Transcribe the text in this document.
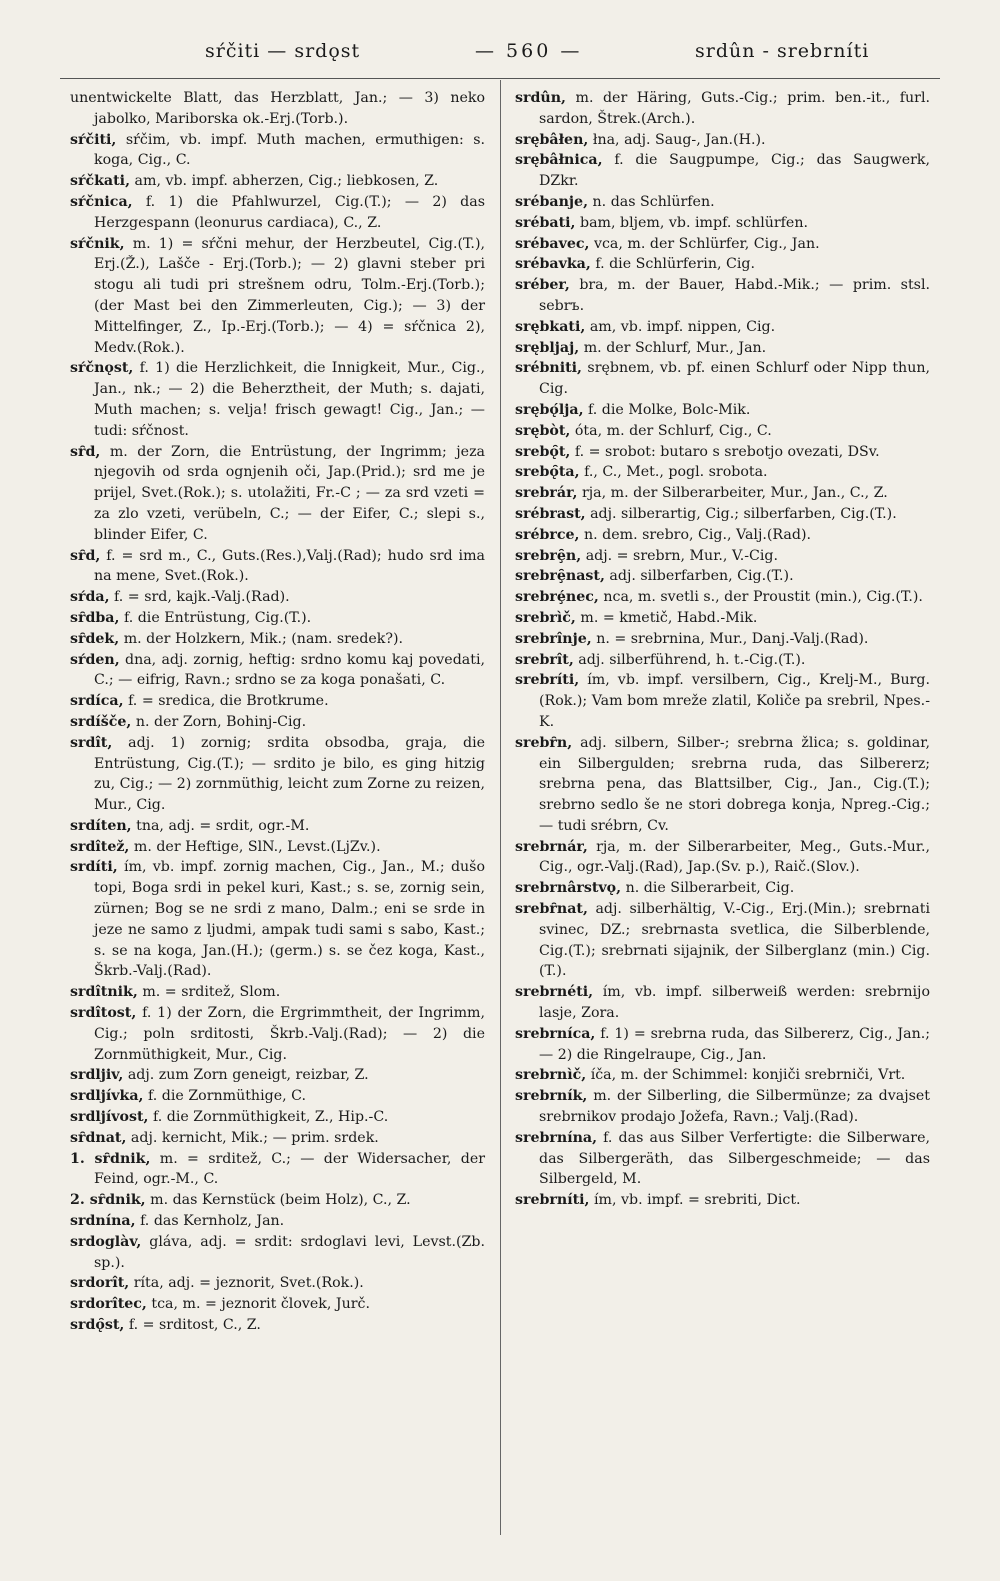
sŕčiti — srdǫst	— 560 —	srdûn - srebrníti

unentwickelte Blatt, das Herzblatt, Jan.; — 3) neko jabolko, Mariborska ok.-Erj.(Torb.).

sŕčiti, sŕčim, vb. impf. Muth machen, ermuthigen: s. koga, Cig., C.

sŕčkati, am, vb. impf. abherzen, Cig.; liebkosen, Z.

sŕčnica, f. 1) die Pfahlwurzel, Cig.(T.); — 2) das Herzgespann (leonurus cardiaca), C., Z.

sŕčnik, m. 1) = sŕčni mehur, der Herzbeutel, Cig.(T.), Erj.(Ž.), Lašče - Erj.(Torb.); — 2) glavni steber pri stogu ali tudi pri strešnem odru, Tolm.-Erj.(Torb.); (der Mast bei den Zimmerleuten, Cig.); — 3) der Mittelfinger, Z., Ip.-Erj.(Torb.); — 4) = sŕčnica 2), Medv.(Rok.).

sŕčnǫst, f. 1) die Herzlichkeit, die Innigkeit, Mur., Cig., Jan., nk.; — 2) die Beherztheit, der Muth; s. dajati, Muth machen; s. velja! frisch gewagt! Cig., Jan.; — tudi: sŕčnost.

sȓd, m. der Zorn, die Entrüstung, der Ingrimm; jeza njegovih od srda ognjenih oči, Jap.(Prid.); srd me je prijel, Svet.(Rok.); s. utolažiti, Fr.-C ; — za srd vzeti = za zlo vzeti, verübeln, C.; — der Eifer, C.; slepi s., blinder Eifer, C.

sȓd, f. = srd m., C., Guts.(Res.),Valj.(Rad); hudo srd ima na mene, Svet.(Rok.).

sŕda, f. = srd, kajk.-Valj.(Rad).

sȓdba, f. die Entrüstung, Cig.(T.).

sȓdek, m. der Holzkern, Mik.; (nam. sredek?).

sŕden, dna, adj. zornig, heftig: srdno komu kaj povedati, C.; — eifrig, Ravn.; srdno se za koga ponašati, C.

srdíca, f. = sredica, die Brotkrume.

srdíšče, n. der Zorn, Bohinj-Cig.

srdît, adj. 1) zornig; srdita obsodba, graja, die Entrüstung, Cig.(T.); — srdito je bilo, es ging hitzig zu, Cig.; — 2) zornmüthig, leicht zum Zorne zu reizen, Mur., Cig.

srdíten, tna, adj. = srdit, ogr.-M.

srdîtež, m. der Heftige, SlN., Levst.(LjZv.).

srdíti, ím, vb. impf. zornig machen, Cig., Jan., M.; dušo topi, Boga srdi in pekel kuri, Kast.; s. se, zornig sein, zürnen; Bog se ne srdi z mano, Dalm.; eni se srde in jeze ne samo z ljudmi, ampak tudi sami s sabo, Kast.; s. se na koga, Jan.(H.); (germ.) s. se čez koga, Kast., Škrb.-Valj.(Rad).

srdîtnik, m. = srditež, Slom.

srdîtost, f. 1) der Zorn, die Ergrimmtheit, der Ingrimm, Cig.; poln srditosti, Škrb.-Valj.(Rad); — 2) die Zornmüthigkeit, Mur., Cig.

srdljiv, adj. zum Zorn geneigt, reizbar, Z.

srdljívka, f. die Zornmüthige, C.

srdljívost, f. die Zornmüthigkeit, Z., Hip.-C.

sȓdnat, adj. kernicht, Mik.; — prim. srdek.

1. sȓdnik, m. = srditež, C.; — der Widersacher, der Feind, ogr.-M., C.

2. sȓdnik, m. das Kernstück (beim Holz), C., Z.

srdnína, f. das Kernholz, Jan.

srdoglàv, gláva, adj. = srdit: srdoglavi levi, Levst.(Zb. sp.).

srdorît, ríta, adj. = jeznorit, Svet.(Rok.).

srdorîtec, tca, m. = jeznorit človek, Jurč.

srdǫ̑st, f. = srditost, C., Z.

srdûn, m. der Häring, Guts.-Cig.; prim. ben.-it., furl. sardon, Štrek.(Arch.).

srębâłen, łna, adj. Saug-, Jan.(H.).

srębâłnica, f. die Saugpumpe, Cig.; das Saugwerk, DZkr.

srébanje, n. das Schlürfen.

srébati, bam, bljem, vb. impf. schlürfen.

srébavec, vca, m. der Schlürfer, Cig., Jan.

srébavka, f. die Schlürferin, Cig.

sréber, bra, m. der Bauer, Habd.-Mik.; — prim. stsl. sebrъ.

srębkati, am, vb. impf. nippen, Cig.

srębljaj, m. der Schlurf, Mur., Jan.

srébniti, srębnem, vb. pf. einen Schlurf oder Nipp thun, Cig.

srębǫ́lja, f. die Molke, Bolc-Mik.

srębòt, óta, m. der Schlurf, Cig., C.

srebǫ̑t, f. = srobot: butaro s srebotjo ovezati, DSv.

srebǫ̑ta, f., C., Met., pogl. srobota.

srebrár, rja, m. der Silberarbeiter, Mur., Jan., C., Z.

srébrast, adj. silberartig, Cig.; silberfarben, Cig.(T.).

srébrce, n. dem. srebro, Cig., Valj.(Rad).

srebrȩ̑n, adj. = srebrn, Mur., V.-Cig.

srebrȩ̑nast, adj. silberfarben, Cig.(T.).

srebrȩ́nec, nca, m. svetli s., der Proustit (min.), Cig.(T.).

srebrìč, m. = kmetič, Habd.-Mik.

srebrînje, n. = srebrnina, Mur., Danj.-Valj.(Rad).

srebrît, adj. silberführend, h. t.-Cig.(T.).

srebríti, ím, vb. impf. versilbern, Cig., Krelj-M., Burg.(Rok.); Vam bom mreže zlatil, Količe pa srebril, Npes.-K.

srebȓn, adj. silbern, Silber-; srebrna žlica; s. goldinar, ein Silbergulden; srebrna ruda, das Silbererz; srebrna pena, das Blattsilber, Cig., Jan., Cig.(T.); srebrno sedlo še ne stori dobrega konja, Npreg.-Cig.; — tudi srébrn, Cv.

srebrnár, rja, m. der Silberarbeiter, Meg., Guts.-Mur., Cig., ogr.-Valj.(Rad), Jap.(Sv. p.), Raič.(Slov.).

srebrnârstvǫ, n. die Silberarbeit, Cig.

srebȓnat, adj. silberhältig, V.-Cig., Erj.(Min.); srebrnati svinec, DZ.; srebrnasta svetlica, die Silberblende, Cig.(T.); srebrnati sijajnik, der Silberglanz (min.) Cig.(T.).

srebrnéti, ím, vb. impf. silberweiß werden: srebrnijo lasje, Zora.

srebrníca, f. 1) = srebrna ruda, das Silbererz, Cig., Jan.; — 2) die Ringelraupe, Cig., Jan.

srebrnìč, íča, m. der Schimmel: konjiči srebrniči, Vrt.

srebrník, m. der Silberling, die Silbermünze; za dvajset srebrnikov prodajo Jožefa, Ravn.; Valj.(Rad).

srebrnína, f. das aus Silber Verfertigte: die Silberware, das Silbergeräth, das Silbergeschmeide; — das Silbergeld, M.

srebrníti, ím, vb. impf. = srebriti, Dict.
